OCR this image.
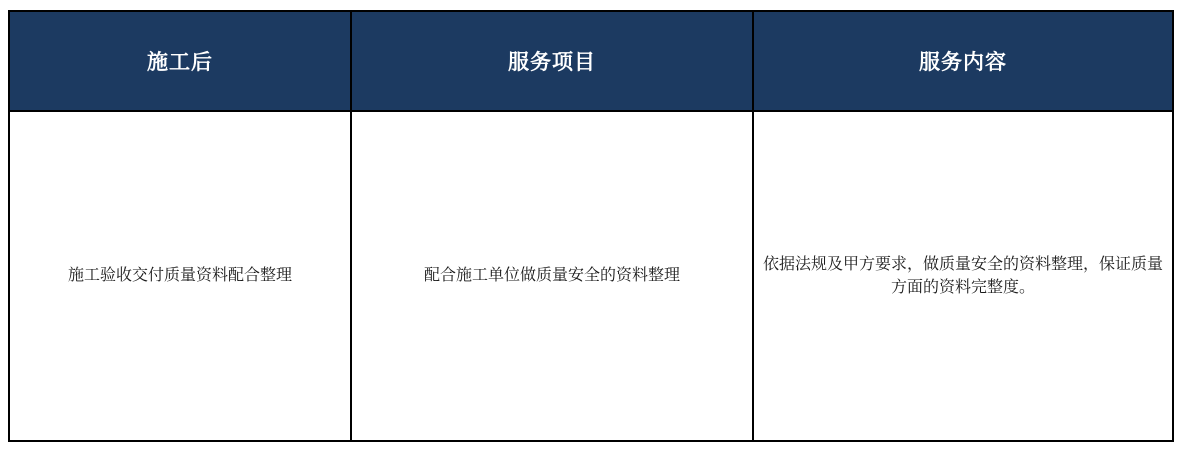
施工后	服务项目	服务内容
施工验收交付质量资料配合整理	配合施工单位做质量安全的资料整理	依据法规及甲方要求，做质量安全的资料整理，保证质量方面的资料完整度。
